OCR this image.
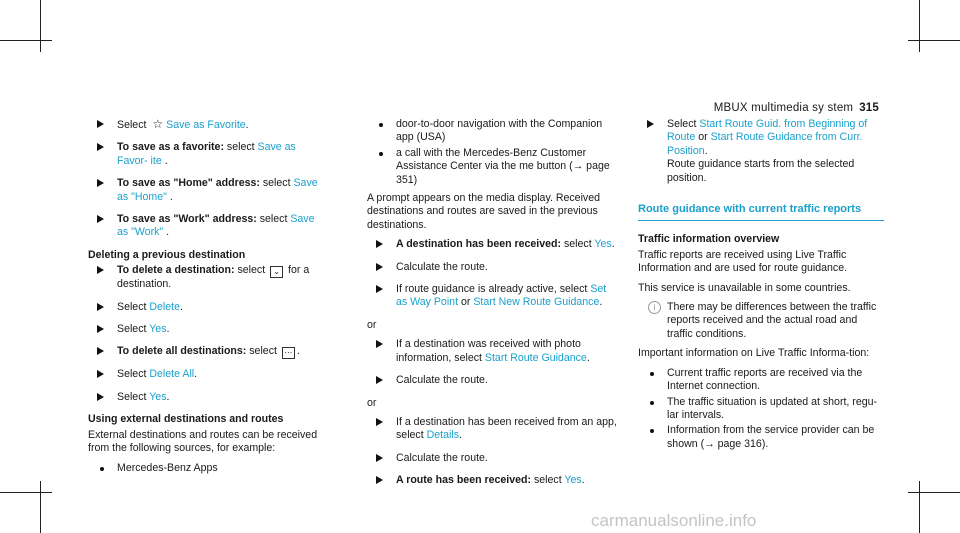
MBUX multimedia sy stem 315
Select ☆ Save as Favorite.
To save as a favorite: select Save as Favor- ite .
To save as "Home" address: select Save as "Home" .
To save as "Work" address: select Save as "Work" .
Deleting a previous destination
To delete a destination: select ⌄ for a destination.
Select Delete.
Select Yes.
To delete all destinations: select ⋯ .
Select Delete All.
Select Yes.
Using external destinations and routes

External destinations and routes can be received from the following sources, for example:

Mercedes-Benz Apps
door-to-door navigation with the Companion app (USA)
a call with the Mercedes-Benz Customer Assistance Center via the me button (→ page 351)

A prompt appears on the media display. Received destinations and routes are saved in the previous destinations.

A destination has been received: select Yes.
Calculate the route.
If route guidance is already active, select Set as Way Point or Start New Route Guidance.
or
If a destination was received with photo information, select Start Route Guidance.
Calculate the route.
or
If a destination has been received from an app, select Details.
Calculate the route.
A route has been received: select Yes.
Select Start Route Guid. from Beginning of Route or Start Route Guidance from Curr. Position.
Route guidance starts from the selected position.
Route guidance with current traffic reports
Traffic information overview

Traffic reports are received using Live Traffic Information and are used for route guidance.

This service is unavailable in some countries.

i	There may be differences between the traffic reports received and the actual road and traffic conditions.

Important information on Live Traffic Informa-tion:

Current traffic reports are received via the Internet connection.
The traffic situation is updated at short, regu-lar intervals.
Information from the service provider can be shown (→ page 316).
carmanualsonline.info
